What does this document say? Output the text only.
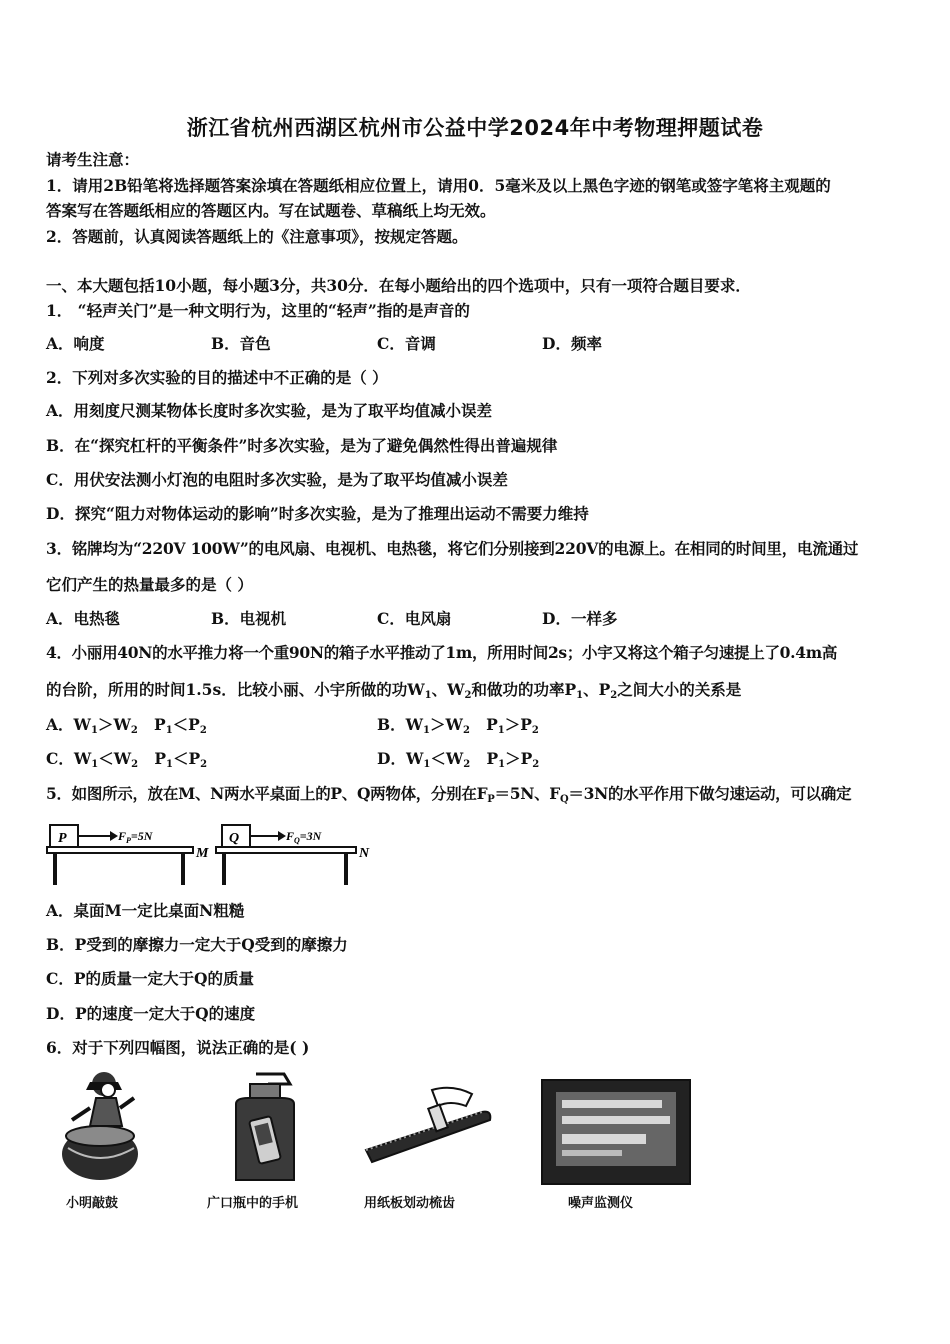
浙江省杭州西湖区杭州市公益中学2024年中考物理押题试卷
请考生注意：
1．请用2B铅笔将选择题答案涂填在答题纸相应位置上，请用0．5毫米及以上黑色字迹的钢笔或签字笔将主观题的
答案写在答题纸相应的答题区内。写在试题卷、草稿纸上均无效。
2．答题前，认真阅读答题纸上的《注意事项》，按规定答题。
一、本大题包括10小题，每小题3分，共30分．在每小题给出的四个选项中，只有一项符合题目要求．
1． “轻声关门”是一种文明行为，这里的“轻声”指的是声音的
A．响度	B．音色	C．音调	D．频率
2．下列对多次实验的目的描述中不正确的是（ ）
A．用刻度尺测某物体长度时多次实验，是为了取平均值减小误差
B．在“探究杠杆的平衡条件”时多次实验，是为了避免偶然性得出普遍规律
C．用伏安法测小灯泡的电阻时多次实验，是为了取平均值减小误差
D．探究“阻力对物体运动的影响”时多次实验，是为了推理出运动不需要力维持
3．铭牌均为“220V 100W”的电风扇、电视机、电热毯，将它们分别接到220V的电源上。在相同的时间里，电流通过
它们产生的热量最多的是（ ）
A．电热毯	B．电视机	C．电风扇	D．一样多
4．小丽用40N的水平推力将一个重90N的箱子水平推动了1m，所用时间2s；小宇又将这个箱子匀速提上了0.4m高
的台阶，所用的时间1.5s．比较小丽、小宇所做的功$W_1$、$W_2$和做功的功率$P_1$、$P_2$之间大小的关系是
A．$W_1>W_2$ $P_1<P_2$	B．$W_1>W_2$ $P_1>P_2$
C．$W_1<W_2$ $P_1<P_2$	D．$W_1<W_2$ $P_1>P_2$
5．如图所示，放在M、N两水平桌面上的P、Q两物体，分别在$F_P=5N$、$F_Q=3N$的水平作用下做匀速运动，可以确定
P	$F_P=5N$
M
Q	$F_Q=3N$
N
A．桌面M一定比桌面N粗糙
B．P受到的摩擦力一定大于Q受到的摩擦力
C．P的质量一定大于Q的质量
D．P的速度一定大于Q的速度
6．对于下列四幅图，说法正确的是( )
小明敲鼓	广口瓶中的手机	用纸板划动梳齿	噪声监测仪
